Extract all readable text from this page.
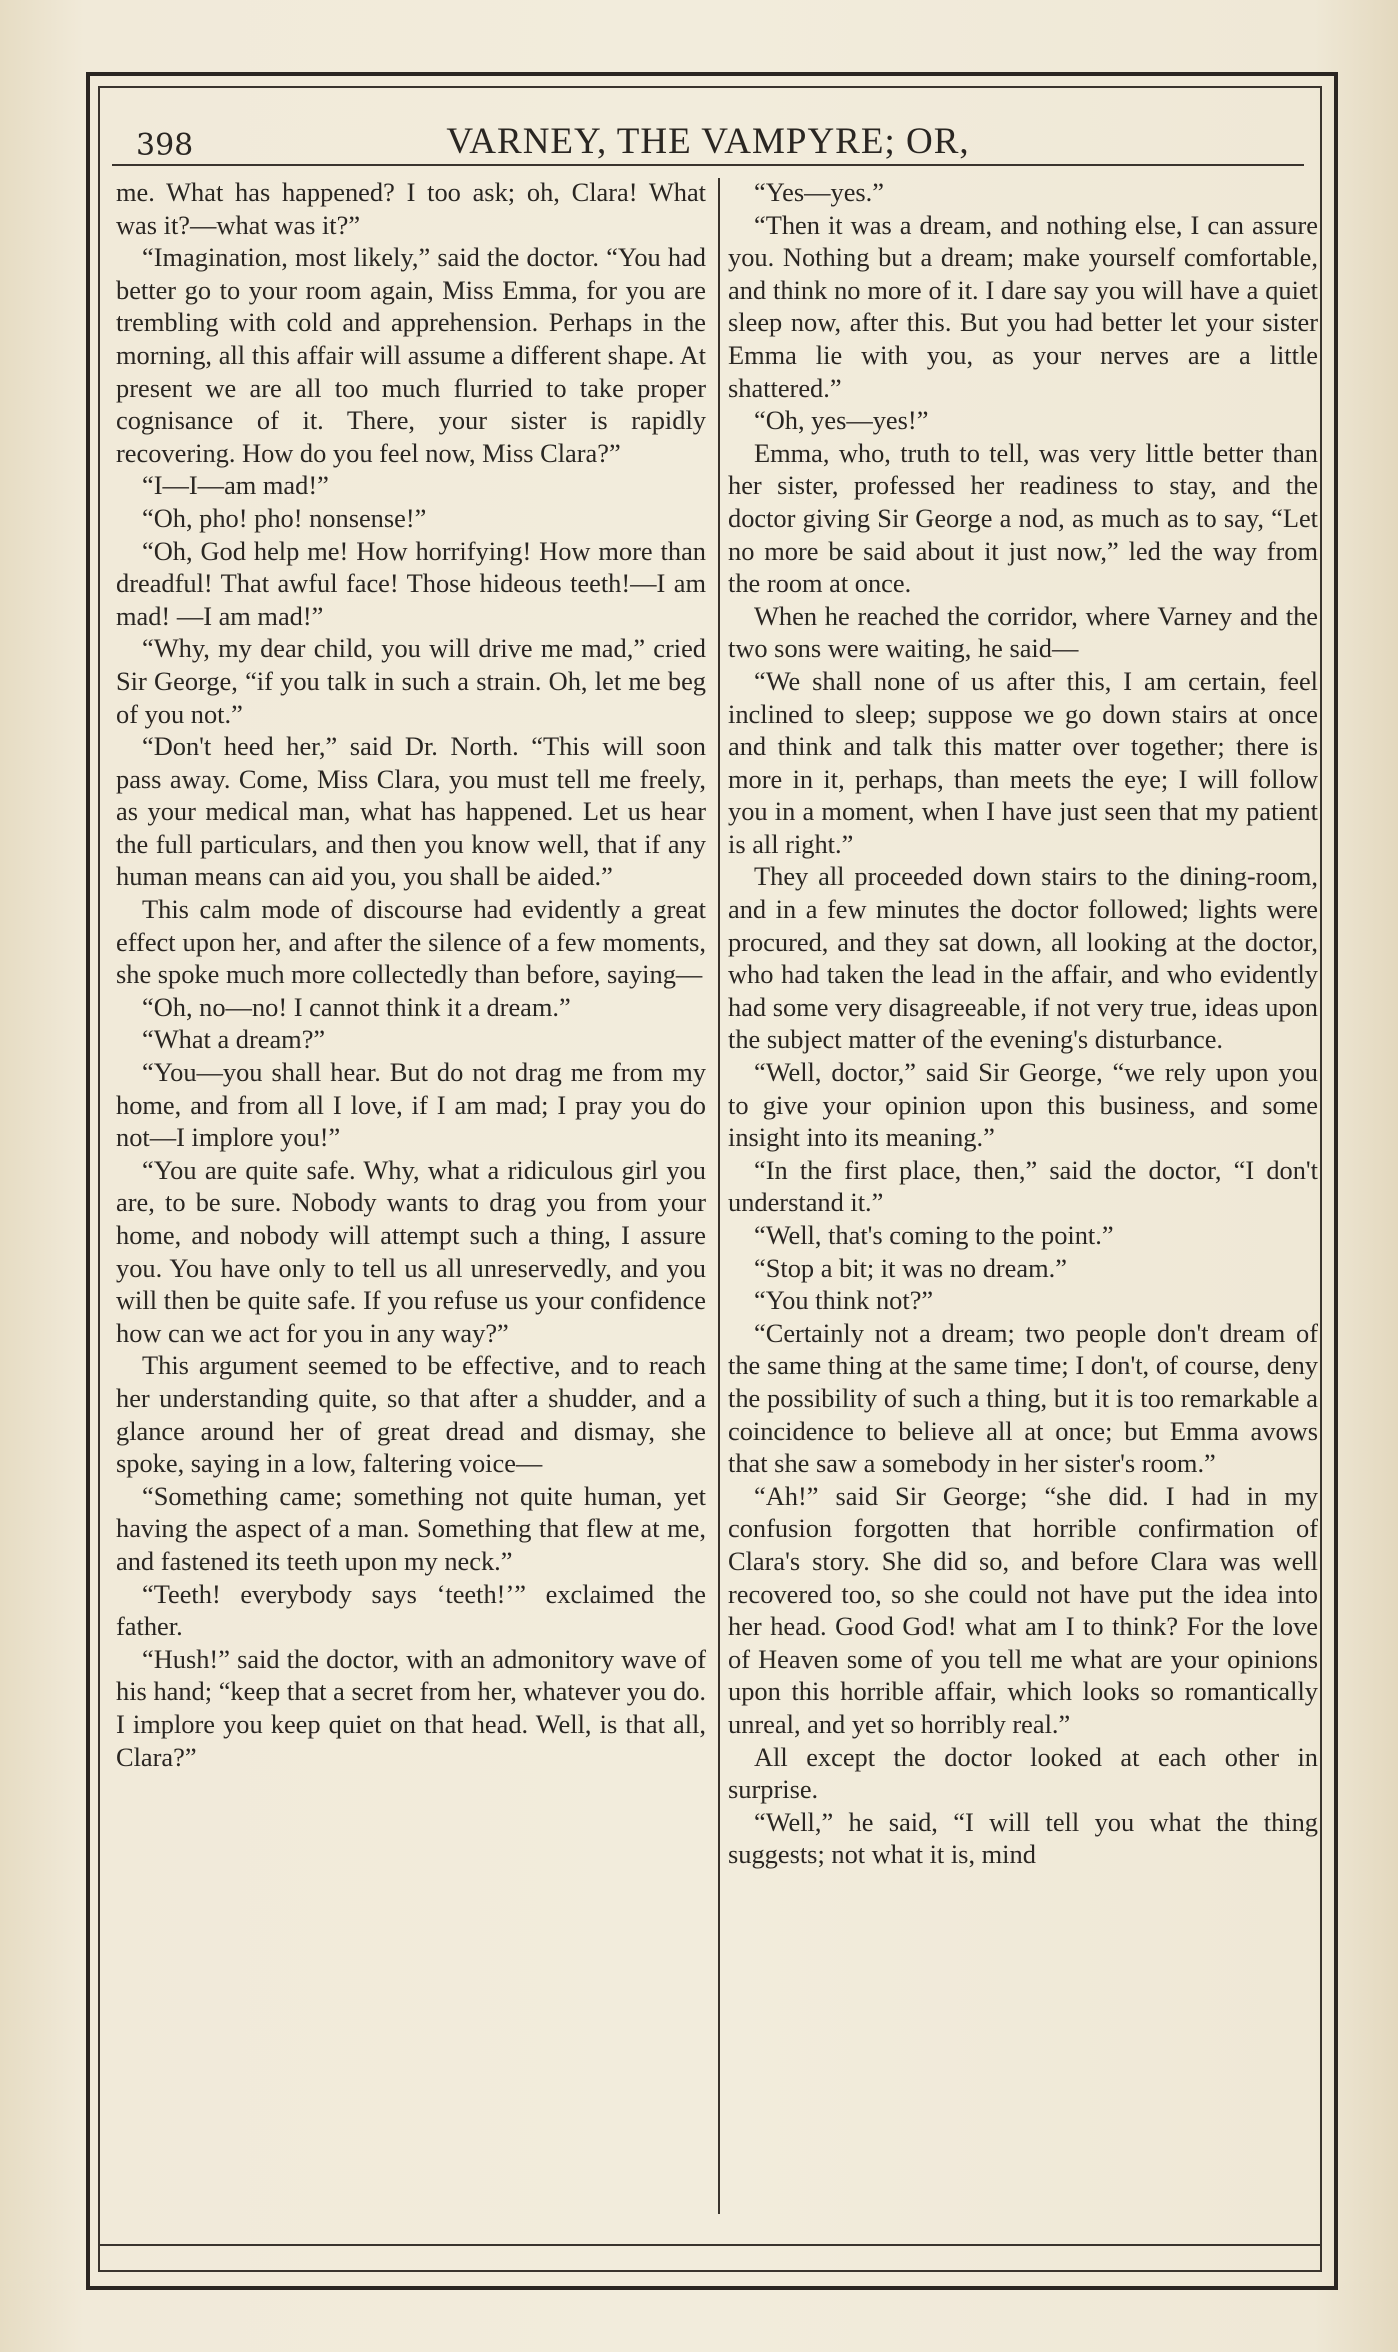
398	VARNEY, THE VAMPYRE; OR,

me. What has happened? I too ask; oh, Clara! What was it?—what was it?”

“Imagination, most likely,” said the doctor. “You had better go to your room again, Miss Emma, for you are trembling with cold and apprehension. Perhaps in the morning, all this affair will assume a different shape. At present we are all too much flurried to take proper cognisance of it. There, your sister is rapidly recovering. How do you feel now, Miss Clara?”

“I—I—am mad!”

“Oh, pho! pho! nonsense!”

“Oh, God help me! How horrifying! How more than dreadful! That awful face! Those hideous teeth!—I am mad! —I am mad!”

“Why, my dear child, you will drive me mad,” cried Sir George, “if you talk in such a strain. Oh, let me beg of you not.”

“Don't heed her,” said Dr. North. “This will soon pass away. Come, Miss Clara, you must tell me freely, as your medical man, what has happened. Let us hear the full particulars, and then you know well, that if any human means can aid you, you shall be aided.”

This calm mode of discourse had evidently a great effect upon her, and after the silence of a few moments, she spoke much more collectedly than before, saying—

“Oh, no—no! I cannot think it a dream.”

“What a dream?”

“You—you shall hear. But do not drag me from my home, and from all I love, if I am mad; I pray you do not—I implore you!”

“You are quite safe. Why, what a ridiculous girl you are, to be sure. Nobody wants to drag you from your home, and nobody will attempt such a thing, I assure you. You have only to tell us all unreservedly, and you will then be quite safe. If you refuse us your confidence how can we act for you in any way?”

This argument seemed to be effective, and to reach her understanding quite, so that after a shudder, and a glance around her of great dread and dismay, she spoke, saying in a low, faltering voice—

“Something came; something not quite human, yet having the aspect of a man. Something that flew at me, and fastened its teeth upon my neck.”

“Teeth! everybody says ‘teeth!’” exclaimed the father.

“Hush!” said the doctor, with an admonitory wave of his hand; “keep that a secret from her, whatever you do. I implore you keep quiet on that head. Well, is that all, Clara?”

“Yes—yes.”

“Then it was a dream, and nothing else, I can assure you. Nothing but a dream; make yourself comfortable, and think no more of it. I dare say you will have a quiet sleep now, after this. But you had better let your sister Emma lie with you, as your nerves are a little shattered.”

“Oh, yes—yes!”

Emma, who, truth to tell, was very little better than her sister, professed her readiness to stay, and the doctor giving Sir George a nod, as much as to say, “Let no more be said about it just now,” led the way from the room at once.

When he reached the corridor, where Varney and the two sons were waiting, he said—

“We shall none of us after this, I am certain, feel inclined to sleep; suppose we go down stairs at once and think and talk this matter over together; there is more in it, perhaps, than meets the eye; I will follow you in a moment, when I have just seen that my patient is all right.”

They all proceeded down stairs to the dining-room, and in a few minutes the doctor followed; lights were procured, and they sat down, all looking at the doctor, who had taken the lead in the affair, and who evidently had some very disagreeable, if not very true, ideas upon the subject matter of the evening's disturbance.

“Well, doctor,” said Sir George, “we rely upon you to give your opinion upon this business, and some insight into its meaning.”

“In the first place, then,” said the doctor, “I don't understand it.”

“Well, that's coming to the point.”

“Stop a bit; it was no dream.”

“You think not?”

“Certainly not a dream; two people don't dream of the same thing at the same time; I don't, of course, deny the possibility of such a thing, but it is too remarkable a coincidence to believe all at once; but Emma avows that she saw a somebody in her sister's room.”

“Ah!” said Sir George; “she did. I had in my confusion forgotten that horrible confirmation of Clara's story. She did so, and before Clara was well recovered too, so she could not have put the idea into her head. Good God! what am I to think? For the love of Heaven some of you tell me what are your opinions upon this horrible affair, which looks so romantically unreal, and yet so horribly real.”

All except the doctor looked at each other in surprise.

“Well,” he said, “I will tell you what the thing suggests; not what it is, mind
